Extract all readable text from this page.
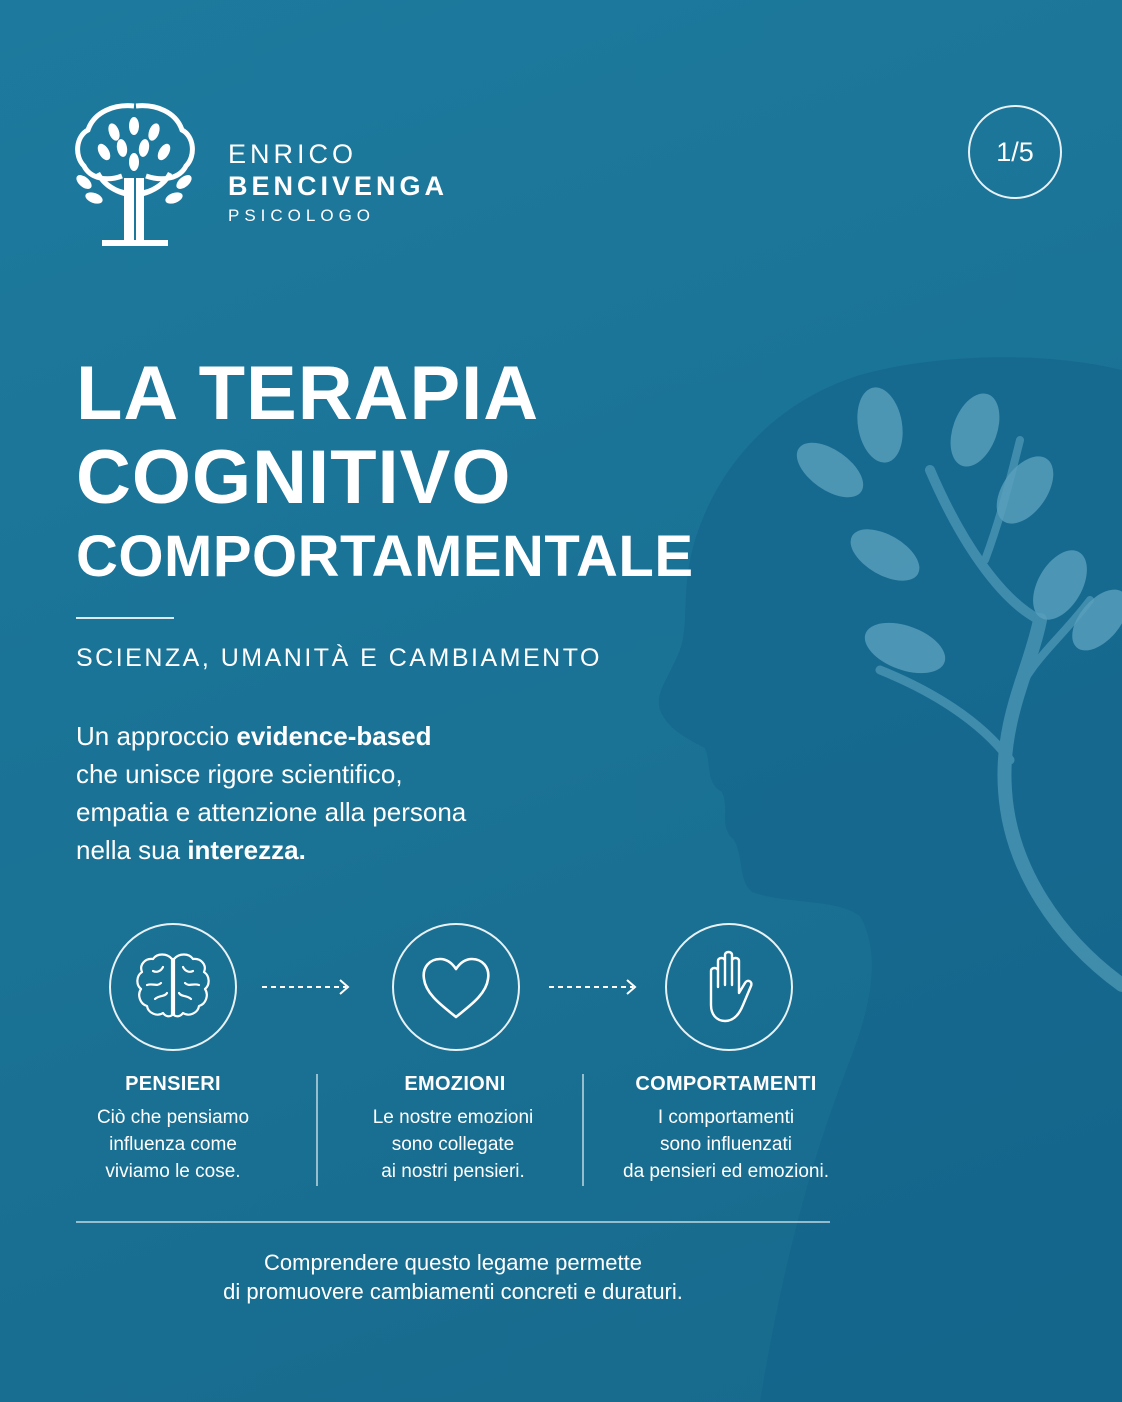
ENRICO
BENCIVENGA
PSICOLOGO
1/5
LA TERAPIA
COGNITIVO
COMPORTAMENTALE
SCIENZA, UMANITÀ E CAMBIAMENTO
Un approccio evidence-based
che unisce rigore scientifico,
empatia e attenzione alla persona
nella sua interezza.
PENSIERI
Ciò che pensiamo
influenza come
viviamo le cose.
EMOZIONI
Le nostre emozioni
sono collegate
ai nostri pensieri.
COMPORTAMENTI
I comportamenti
sono influenzati
da pensieri ed emozioni.
Comprendere questo legame permette
di promuovere cambiamenti concreti e duraturi.
